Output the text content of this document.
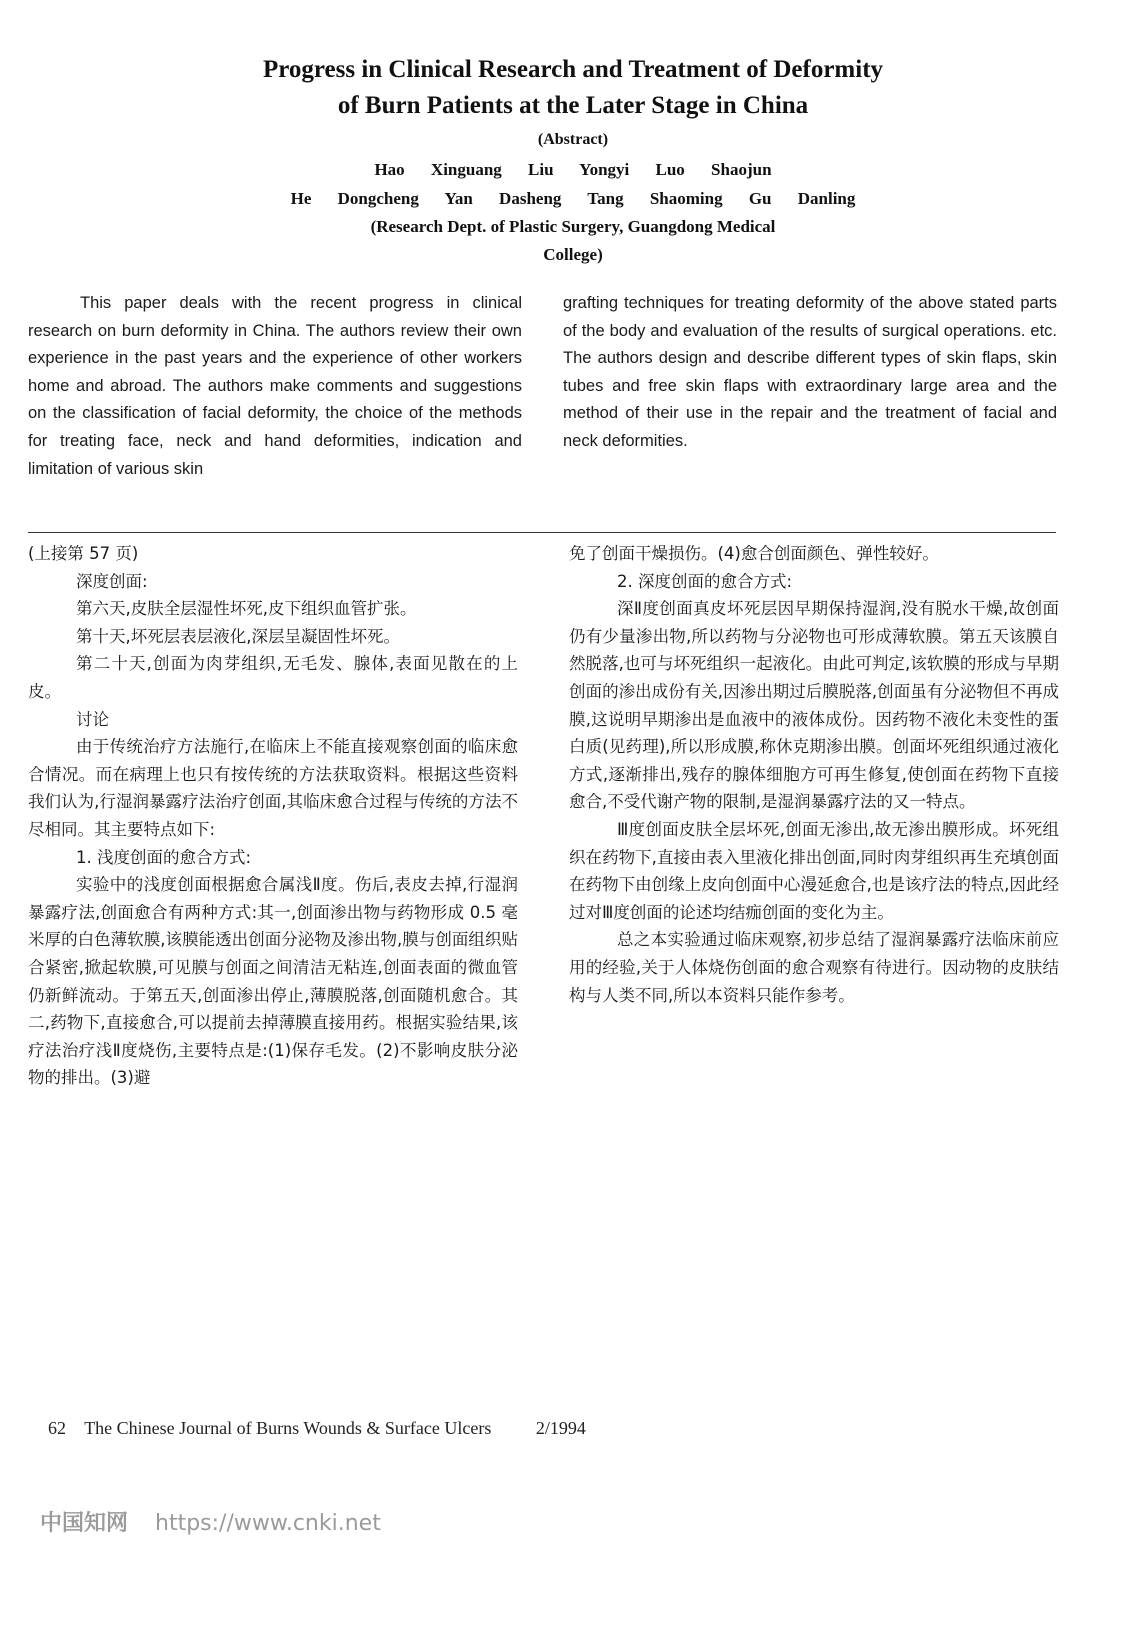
Progress in Clinical Research and Treatment of Deformity
of Burn Patients at the Later Stage in China
(Abstract)
Hao Xinguang Liu Yongyi Luo Shaojun
He Dongcheng Yan Dasheng Tang Shaoming Gu Danling
(Research Dept. of Plastic Surgery, Guangdong Medical
College)
This paper deals with the recent progress in clinical research on burn deformity in China. The authors review their own experience in the past years and the experience of other workers home and abroad. The authors make comments and suggestions on the classification of facial deformity, the choice of the methods for treating face, neck and hand deformities, indication and limitation of various skin
grafting techniques for treating deformity of the above stated parts of the body and evaluation of the results of surgical operations. etc. The authors design and describe different types of skin flaps, skin tubes and free skin flaps with extraordinary large area and the method of their use in the repair and the treatment of facial and neck deformities.

(上接第 57 页)

深度创面:

第六天,皮肤全层湿性坏死,皮下组织血管扩张。

第十天,坏死层表层液化,深层呈凝固性坏死。

第二十天,创面为肉芽组织,无毛发、腺体,表面见散在的上皮。

讨论

由于传统治疗方法施行,在临床上不能直接观察创面的临床愈合情况。而在病理上也只有按传统的方法获取资料。根据这些资料我们认为,行湿润暴露疗法治疗创面,其临床愈合过程与传统的方法不尽相同。其主要特点如下:

1. 浅度创面的愈合方式:

实验中的浅度创面根据愈合属浅Ⅱ度。伤后,表皮去掉,行湿润暴露疗法,创面愈合有两种方式:其一,创面渗出物与药物形成 0.5 毫米厚的白色薄软膜,该膜能透出创面分泌物及渗出物,膜与创面组织贴合紧密,掀起软膜,可见膜与创面之间清洁无粘连,创面表面的微血管仍新鲜流动。于第五天,创面渗出停止,薄膜脱落,创面随机愈合。其二,药物下,直接愈合,可以提前去掉薄膜直接用药。根据实验结果,该疗法治疗浅Ⅱ度烧伤,主要特点是:(1)保存毛发。(2)不影响皮肤分泌物的排出。(3)避

免了创面干燥损伤。(4)愈合创面颜色、弹性较好。

2. 深度创面的愈合方式:

深Ⅱ度创面真皮坏死层因早期保持湿润,没有脱水干燥,故创面仍有少量渗出物,所以药物与分泌物也可形成薄软膜。第五天该膜自然脱落,也可与坏死组织一起液化。由此可判定,该软膜的形成与早期创面的渗出成份有关,因渗出期过后膜脱落,创面虽有分泌物但不再成膜,这说明早期渗出是血液中的液体成份。因药物不液化未变性的蛋白质(见药理),所以形成膜,称休克期渗出膜。创面坏死组织通过液化方式,逐渐排出,残存的腺体细胞方可再生修复,使创面在药物下直接愈合,不受代谢产物的限制,是湿润暴露疗法的又一特点。

Ⅲ度创面皮肤全层坏死,创面无渗出,故无渗出膜形成。坏死组织在药物下,直接由表入里液化排出创面,同时肉芽组织再生充填创面在药物下由创缘上皮向创面中心漫延愈合,也是该疗法的特点,因此经过对Ⅲ度创面的论述均结痂创面的变化为主。

总之本实验通过临床观察,初步总结了湿润暴露疗法临床前应用的经验,关于人体烧伤创面的愈合观察有待进行。因动物的皮肤结构与人类不同,所以本资料只能作参考。

62 The Chinese Journal of Burns Wounds & Surface Ulcers 2/1994
中国知网 https://www.cnki.net
